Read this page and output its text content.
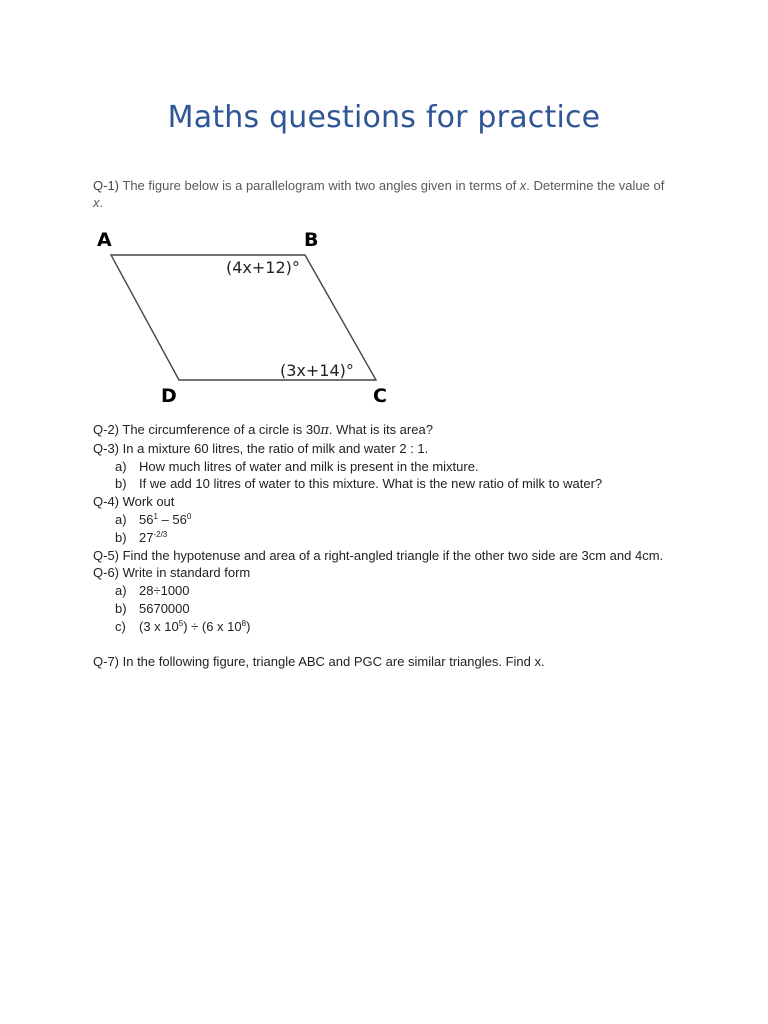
Maths questions for practice
Q-1) The figure below is a parallelogram with two angles given in terms of x. Determine the value of x.
A	B
C
D
(4x+12)°
(3x+14)°
Q-2) The circumference of a circle is 30π. What is its area?
Q-3) In a mixture 60 litres, the ratio of milk and water 2 : 1.
a) How much litres of water and milk is present in the mixture.
b) If we add 10 litres of water to this mixture. What is the new ratio of milk to water?
Q-4) Work out
a) $56^1 - 56^0$
b) $27^{-2/3}$
Q-5) Find the hypotenuse and area of a right-angled triangle if the other two side are 3cm and 4cm.
Q-6) Write in standard form
a) 28÷1000
b) 5670000
c) (3 x $10^5) \div (6$ x $10^8$)
Q-7) In the following figure, triangle ABC and PGC are similar triangles. Find x.
